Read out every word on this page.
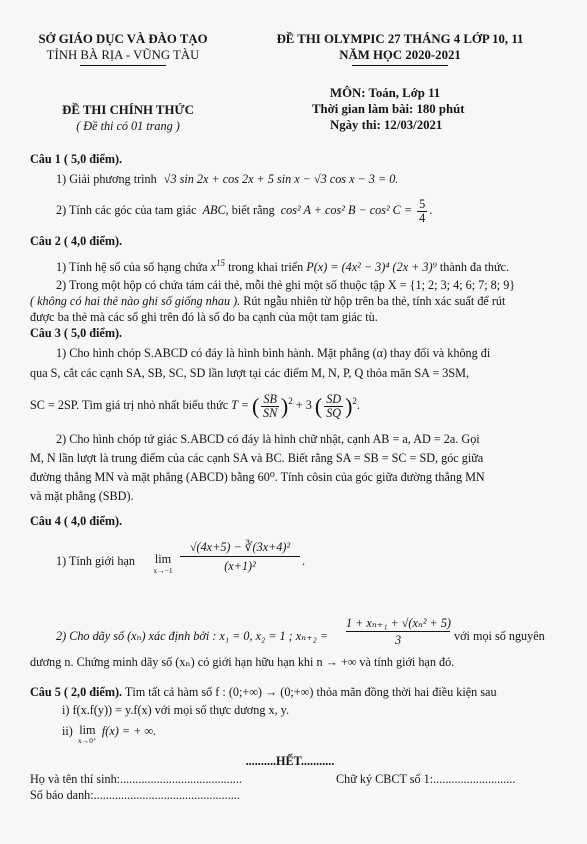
SỞ GIÁO DỤC VÀ ĐÀO TẠO
TỈNH BÀ RỊA - VŨNG TÀU
ĐỀ THI OLYMPIC 27 THÁNG 4 LỚP 10, 11
NĂM HỌC 2020-2021
ĐỀ THI CHÍNH THỨC
( Đề thi có 01 trang )
MÔN: Toán, Lớp 11
Thời gian làm bài: 180 phút
Ngày thi: 12/03/2021
Câu 1 ( 5,0 điểm).
1) Giải phương trình √3 sin 2x + cos 2x + 5 sin x − √3 cos x − 3 = 0.
2) Tính các góc của tam giác ABC, biết rằng cos² A + cos² B − cos² $C = \frac{5}{4}$ .
Câu 2 ( 4,0 điểm).
1) Tính hệ số của số hạng chứa $x^{15}$ trong khai triển P(x) = (4x² − 3)⁴ (2x + 3)⁹ thành đa thức.
2) Trong một hộp có chứa tám cái thẻ, mỗi thẻ ghi một số thuộc tập X = {1; 2; 3; 4; 6; 7; 8; 9}
( không có hai thẻ nào ghi số giống nhau ). Rút ngẫu nhiên từ hộp trên ba thẻ, tính xác suất để rút
được ba thẻ mà các số ghi trên đó là số đo ba cạnh của một tam giác tù.
Câu 3 ( 5,0 điểm).
1) Cho hình chóp S.ABCD có đáy là hình bình hành. Mặt phẳng (α) thay đổi và không đi
qua S, cắt các cạnh SA, SB, SC, SD lần lượt tại các điểm M, N, P, Q thỏa mãn SA = 3SM,
SC = 2SP. Tìm giá trị nhỏ nhất biểu thức T = ( $\frac{SB}{SN} )^2 + 3$ ( $\frac{SD}{SQ} )^2$.
2) Cho hình chóp tứ giác S.ABCD có đáy là hình chữ nhật, cạnh AB = a, AD = 2a. Gọi
M, N lần lượt là trung điểm của các cạnh SA và BC. Biết rằng SA = SB = SC = SD, góc giữa
đường thẳng MN và mặt phẳng (ABCD) bằng 60⁰. Tính côsin của góc giữa đường thẳng MN
và mặt phẳng (SBD).
Câu 4 ( 4,0 điểm).
1) Tính giới hạn	lim
$x\to-1 \frac{\text{√(4x+5) − ∛(3x+4)²}}{\text{(x+1)²}}$ .
2) Cho dãy số (xₙ) xác định bởi : x₁ = 0, x₂ = 1 ; $x_{n+2} = \frac{\text{1 + xₙ₊₁ + √(xₙ² + 5)}}{3}$ với mọi số nguyên
dương n. Chứng minh dãy số (xₙ) có giới hạn hữu hạn khi n → +∞ và tính giới hạn đó.
Câu 5 ( 2,0 điểm). Tìm tất cả hàm số f : (0;+∞) → (0;+∞) thỏa mãn đồng thời hai điều kiện sau
i) f(x.f(y)) = y.f(x) với mọi số thực dương x, y.
ii) lim
x→0⁺
f(x) = + ∞.
..........HẾT...........
Họ và tên thí sinh:........................................	Chữ ký CBCT số 1:...........................
Số báo danh:................................................
